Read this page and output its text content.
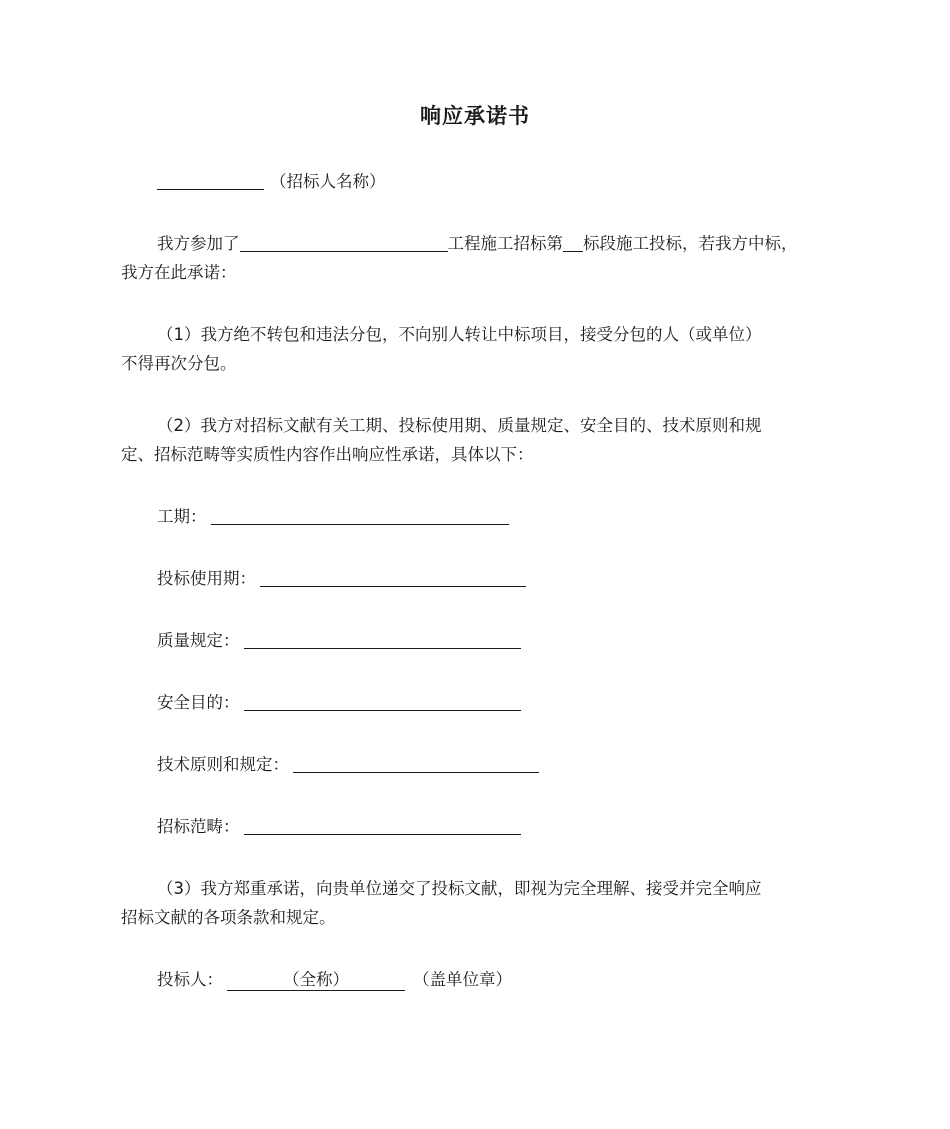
响应承诺书
（招标人名称）
我方参加了	工程施工招标第 标段施工投标，若我方中标，
我方在此承诺：
（1）我方绝不转包和违法分包，不向别人转让中标项目，接受分包的人（或单位）
不得再次分包。
（2）我方对招标文献有关工期、投标使用期、质量规定、安全目的、技术原则和规
定、招标范畴等实质性内容作出响应性承诺，具体以下：
工期：
投标使用期：
质量规定：
安全目的：
技术原则和规定：
招标范畴：
（3）我方郑重承诺，向贵单位递交了投标文献，即视为完全理解、接受并完全响应
招标文献的各项条款和规定。
投标人：	（全称）	（盖单位章）
